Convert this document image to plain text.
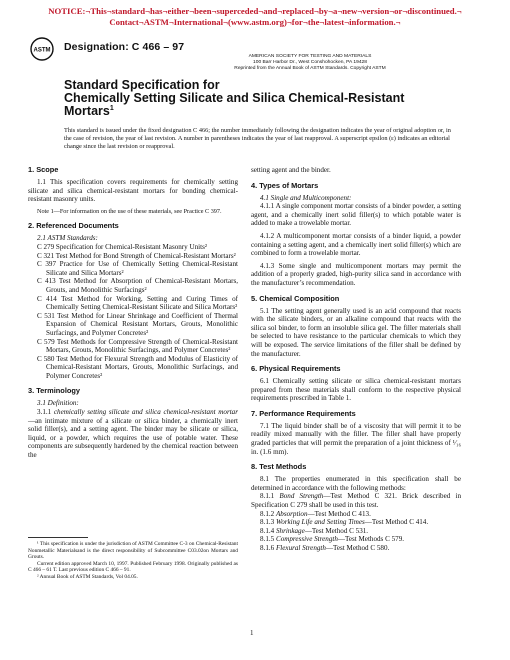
NOTICE:¬This¬standard¬has¬either¬been¬superceded¬and¬replaced¬by¬a¬new¬version¬or¬discontinued.¬
Contact¬ASTM¬International¬(www.astm.org)¬for¬the¬latest¬information.¬
ASTM Designation: C 466 – 97
AMERICAN SOCIETY FOR TESTING AND MATERIALS
100 Barr Harbor Dr., West Conshohocken, PA 19428
Reprinted from the Annual Book of ASTM Standards. Copyright ASTM
Standard Specification for
Chemically Setting Silicate and Silica Chemical-Resistant
Mortars$^1$
This standard is issued under the fixed designation C 466; the number immediately following the designation indicates the year of original adoption or, in the case of revision, the year of last revision. A number in parentheses indicates the year of last reapproval. A superscript epsilon (ε) indicates an editorial change since the last revision or reapproval.

1. Scope

1.1 This specification covers requirements for chemically setting silicate and silica chemical-resistant mortars for bonding chemical-resistant masonry units.

Note 1—For information on the use of these materials, see Practice C 397.

2. Referenced Documents

2.1 ASTM Standards:

C 279 Specification for Chemical-Resistant Masonry Units²

C 321 Test Method for Bond Strength of Chemical-Resistant Mortars²

C 397 Practice for Use of Chemically Setting Chemical-Resistant Silicate and Silica Mortars²

C 413 Test Method for Absorption of Chemical-Resistant Mortars, Grouts, and Monolithic Surfacings²

C 414 Test Method for Working, Setting and Curing Times of Chemically Setting Chemical-Resistant Silicate and Silica Mortars²

C 531 Test Method for Linear Shrinkage and Coefficient of Thermal Expansion of Chemical Resistant Mortars, Grouts, Monolithic Surfacings, and Polymer Concretes²

C 579 Test Methods for Compressive Strength of Chemical-Resistant Mortars, Grouts, Monolithic Surfacings, and Polymer Concretes²

C 580 Test Method for Flexural Strength and Modulus of Elasticity of Chemical-Resistant Mortars, Grouts, Monolithic Surfacings, and Polymer Concretes²

3. Terminology

3.1 Definition:

3.1.1 chemically setting silicate and silica chemical-resistant mortar—an intimate mixture of a silicate or silica binder, a chemically inert solid filler(s), and a setting agent. The binder may be silicate or silica, liquid, or a powder, which requires the use of potable water. These components are subsequently hardened by the chemical reaction between the

setting agent and the binder.

4. Types of Mortars

4.1 Single and Multicomponent:

4.1.1 A single component mortar consists of a binder powder, a setting agent, and a chemically inert solid filler(s) to which potable water is added to make a trowelable mortar.

4.1.2 A multicomponent mortar consists of a binder liquid, a powder containing a setting agent, and a chemically inert solid filler(s) which are combined to form a trowelable mortar.

4.1.3 Some single and multicomponent mortars may permit the addition of a properly graded, high-purity silica sand in accordance with the manufacturer’s recommendation.

5. Chemical Composition

5.1 The setting agent generally used is an acid compound that reacts with the silicate binders, or an alkaline compound that reacts with the silica sol binder, to form an insoluble silica gel. The filler materials shall be selected to have resistance to the particular chemicals to which they will be exposed. The service limitations of the filler shall be defined by the manufacturer.

6. Physical Requirements

6.1 Chemically setting silicate or silica chemical-resistant mortars prepared from these materials shall conform to the respective physical requirements prescribed in Table 1.

7. Performance Requirements

7.1 The liquid binder shall be of a viscosity that will permit it to be readily mixed manually with the filler. The filler shall have properly graded particles that will permit the preparation of a joint thickness of ¹⁄₁₆ in. (1.6 mm).

8. Test Methods

8.1 The properties enumerated in this specification shall be determined in accordance with the following methods:

8.1.1 Bond Strength—Test Method C 321. Brick described in Specification C 279 shall be used in this test.

8.1.2 Absorption—Test Method C 413.

8.1.3 Working Life and Setting Times—Test Method C 414.

8.1.4 Shrinkage—Test Method C 531.

8.1.5 Compressive Strength—Test Methods C 579.

8.1.6 Flexural Strength—Test Method C 580.

¹ This specification is under the jurisdiction of ASTM Committee C-3 on Chemical-Resistant Nonmetallic Materialsand is the direct responsibility of Subcommittee C03.02on Mortars and Grouts.

Current edition approved March 10, 1997. Published February 1998. Originally published as C 466 – 61 T. Last previous edition C 466 – 91.

² Annual Book of ASTM Standards, Vol 04.05.

1
